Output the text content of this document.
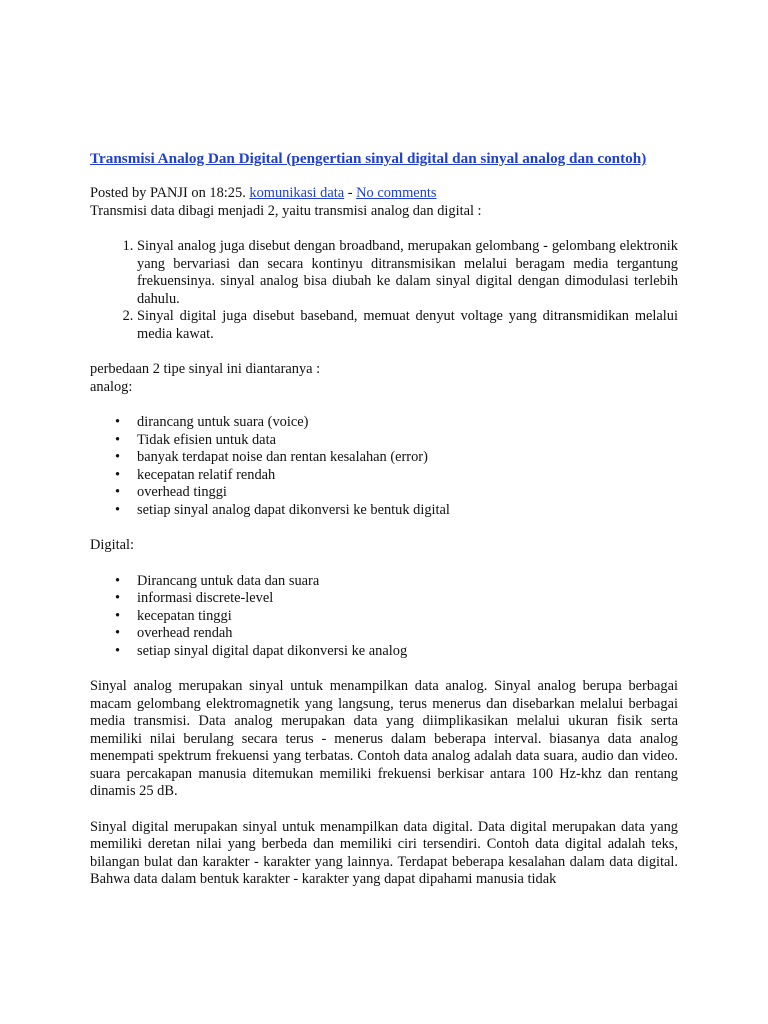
Transmisi Analog Dan Digital (pengertian sinyal digital dan sinyal analog dan contoh)
Posted by PANJI on 18:25. komunikasi data - No comments

Transmisi data dibagi menjadi 2, yaitu transmisi analog dan digital :

1. Sinyal analog juga disebut dengan broadband, merupakan gelombang - gelombang elektronik yang bervariasi dan secara kontinyu ditransmisikan melalui beragam media tergantung frekuensinya. sinyal analog bisa diubah ke dalam sinyal digital dengan dimodulasi terlebih dahulu.
2. Sinyal digital juga disebut baseband, memuat denyut voltage yang ditransmidikan melalui media kawat.

perbedaan 2 tipe sinyal ini diantaranya :

analog:

• dirancang untuk suara (voice)
• Tidak efisien untuk data
• banyak terdapat noise dan rentan kesalahan (error)
• kecepatan relatif rendah
• overhead tinggi
• setiap sinyal analog dapat dikonversi ke bentuk digital

Digital:

• Dirancang untuk data dan suara
• informasi discrete-level
• kecepatan tinggi
• overhead rendah
• setiap sinyal digital dapat dikonversi ke analog

Sinyal analog merupakan sinyal untuk menampilkan data analog. Sinyal analog berupa berbagai macam gelombang elektromagnetik yang langsung, terus menerus dan disebarkan melalui berbagai media transmisi. Data analog merupakan data yang diimplikasikan melalui ukuran fisik serta memiliki nilai berulang secara terus - menerus dalam beberapa interval. biasanya data analog menempati spektrum frekuensi yang terbatas. Contoh data analog adalah data suara, audio dan video. suara percakapan manusia ditemukan memiliki frekuensi berkisar antara 100 Hz-khz dan rentang dinamis 25 dB.

Sinyal digital merupakan sinyal untuk menampilkan data digital. Data digital merupakan data yang memiliki deretan nilai yang berbeda dan memiliki ciri tersendiri. Contoh data digital adalah teks, bilangan bulat dan karakter - karakter yang lainnya. Terdapat beberapa kesalahan dalam data digital. Bahwa data dalam bentuk karakter - karakter yang dapat dipahami manusia tidak
